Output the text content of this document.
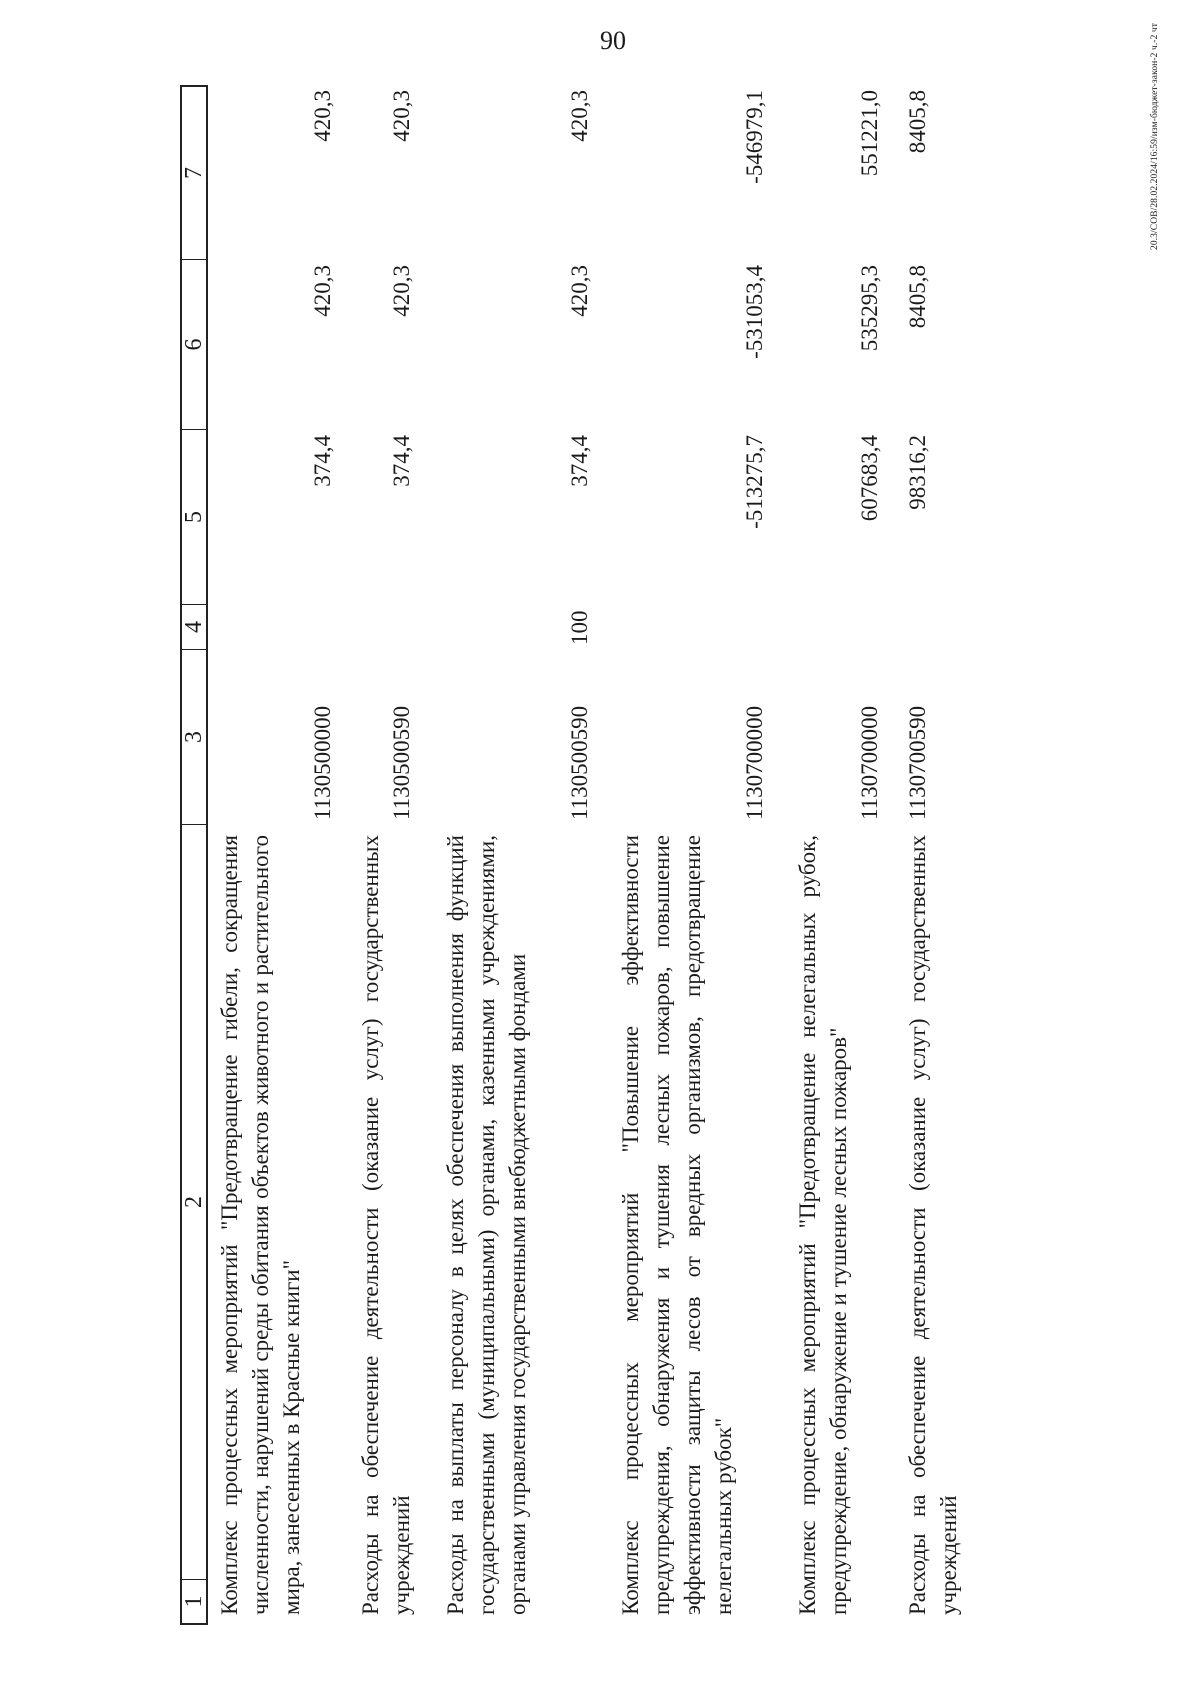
90	20.3/СОВ/28.02.2024/16:59/изм-бюджет-закон-2 ч.-2 чт
1
2
3
4
5
6
7
Комплекс процессных мероприятий "Предотвращение гибели, сокращения численности, нарушений среды обитания объектов животного и растительного мира, занесенных в Красные книги"
1130500000
374,4
420,3
420,3
Расходы на обеспечение деятельности (оказание услуг) государственных учреждений
1130500590
374,4
420,3
420,3
Расходы на выплаты персоналу в целях обеспечения выполнения функций государственными (муниципальными) органами, казенными учреждениями, органами управления государственными внебюджетными фондами
1130500590
100
374,4
420,3
420,3
Комплекс процессных мероприятий "Повышение эффективности предупреждения, обнаружения и тушения лесных пожаров, повышение эффективности защиты лесов от вредных организмов, предотвращение нелегальных рубок"
1130700000
-513275,7
-531053,4
-546979,1
Комплекс процессных мероприятий "Предотвращение нелегальных рубок, предупреждение, обнаружение и тушение лесных пожаров"
1130700000
607683,4
535295,3
551221,0
Расходы на обеспечение деятельности (оказание услуг) государственных учреждений
1130700590
98316,2
8405,8
8405,8
